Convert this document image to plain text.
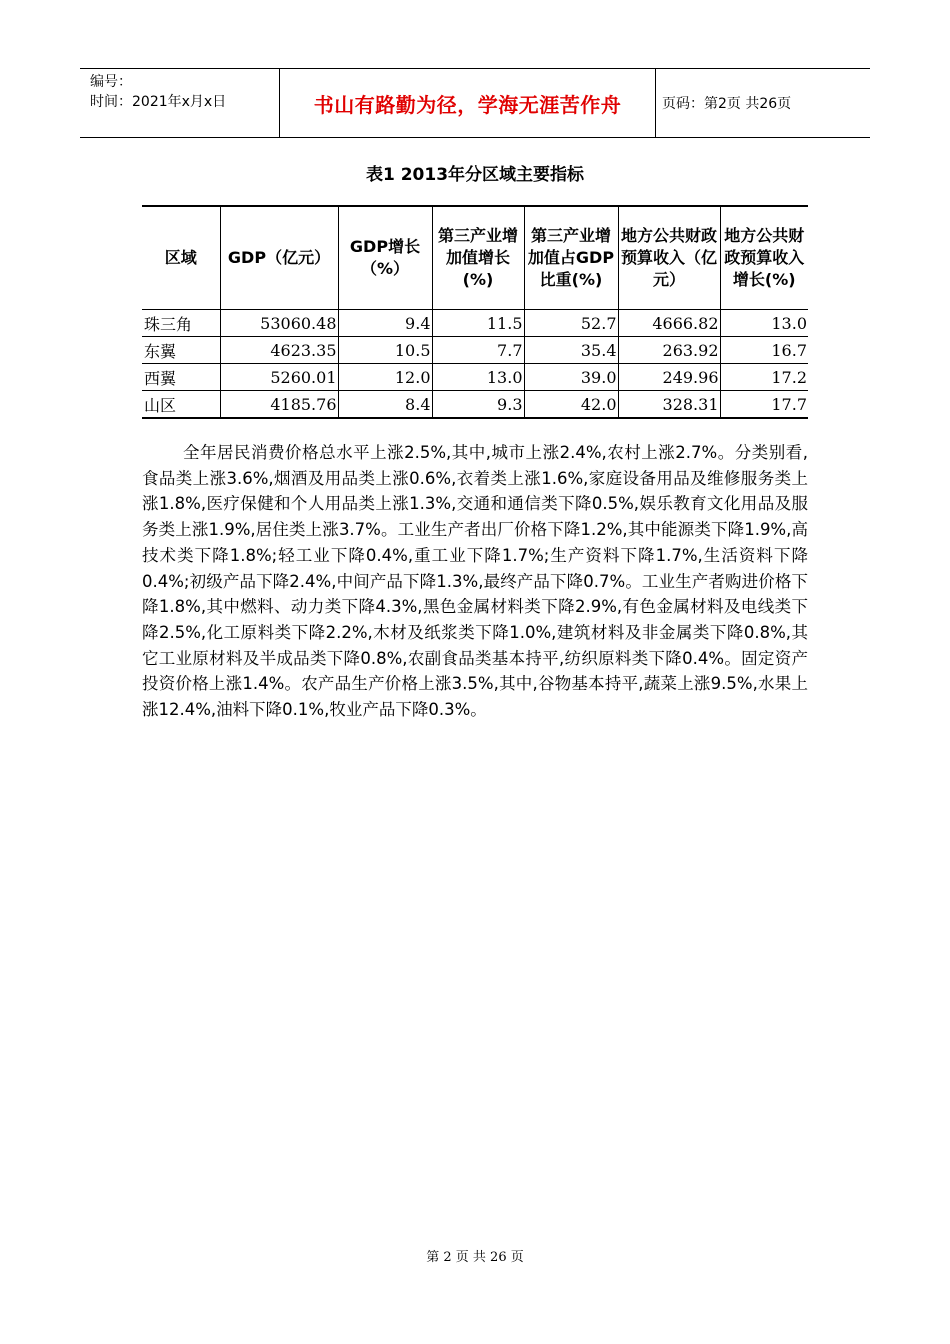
编号：
时间：2021年x月x日	书山有路勤为径，学海无涯苦作舟	页码：第2页 共26页
表1 2013年分区域主要指标
区域	GDP（亿元）	GDP增长（%）	第三产业增加值增长(%)	第三产业增加值占GDP比重(%)	地方公共财政预算收入（亿元）	地方公共财政预算收入增长(%)
珠三角	53060.48	9.4	11.5	52.7	4666.82	13.0
东翼	4623.35	10.5	7.7	35.4	263.92	16.7
西翼	5260.01	12.0	13.0	39.0	249.96	17.2
山区	4185.76	8.4	9.3	42.0	328.31	17.7

全年居民消费价格总水平上涨2.5%,其中,城市上涨2.4%,农村上涨2.7%。分类别看,食品类上涨3.6%,烟酒及用品类上涨0.6%,衣着类上涨1.6%,家庭设备用品及维修服务类上涨1.8%,医疗保健和个人用品类上涨1.3%,交通和通信类下降0.5%,娱乐教育文化用品及服务类上涨1.9%,居住类上涨3.7%。工业生产者出厂价格下降1.2%,其中能源类下降1.9%,高技术类下降1.8%;轻工业下降0.4%,重工业下降1.7%;生产资料下降1.7%,生活资料下降0.4%;初级产品下降2.4%,中间产品下降1.3%,最终产品下降0.7%。工业生产者购进价格下降1.8%,其中燃料、动力类下降4.3%,黑色金属材料类下降2.9%,有色金属材料及电线类下降2.5%,化工原料类下降2.2%,木材及纸浆类下降1.0%,建筑材料及非金属类下降0.8%,其它工业原材料及半成品类下降0.8%,农副食品类基本持平,纺织原料类下降0.4%。固定资产投资价格上涨1.4%。农产品生产价格上涨3.5%,其中,谷物基本持平,蔬菜上涨9.5%,水果上涨12.4%,油料下降0.1%,牧业产品下降0.3%。

第 2 页 共 26 页
